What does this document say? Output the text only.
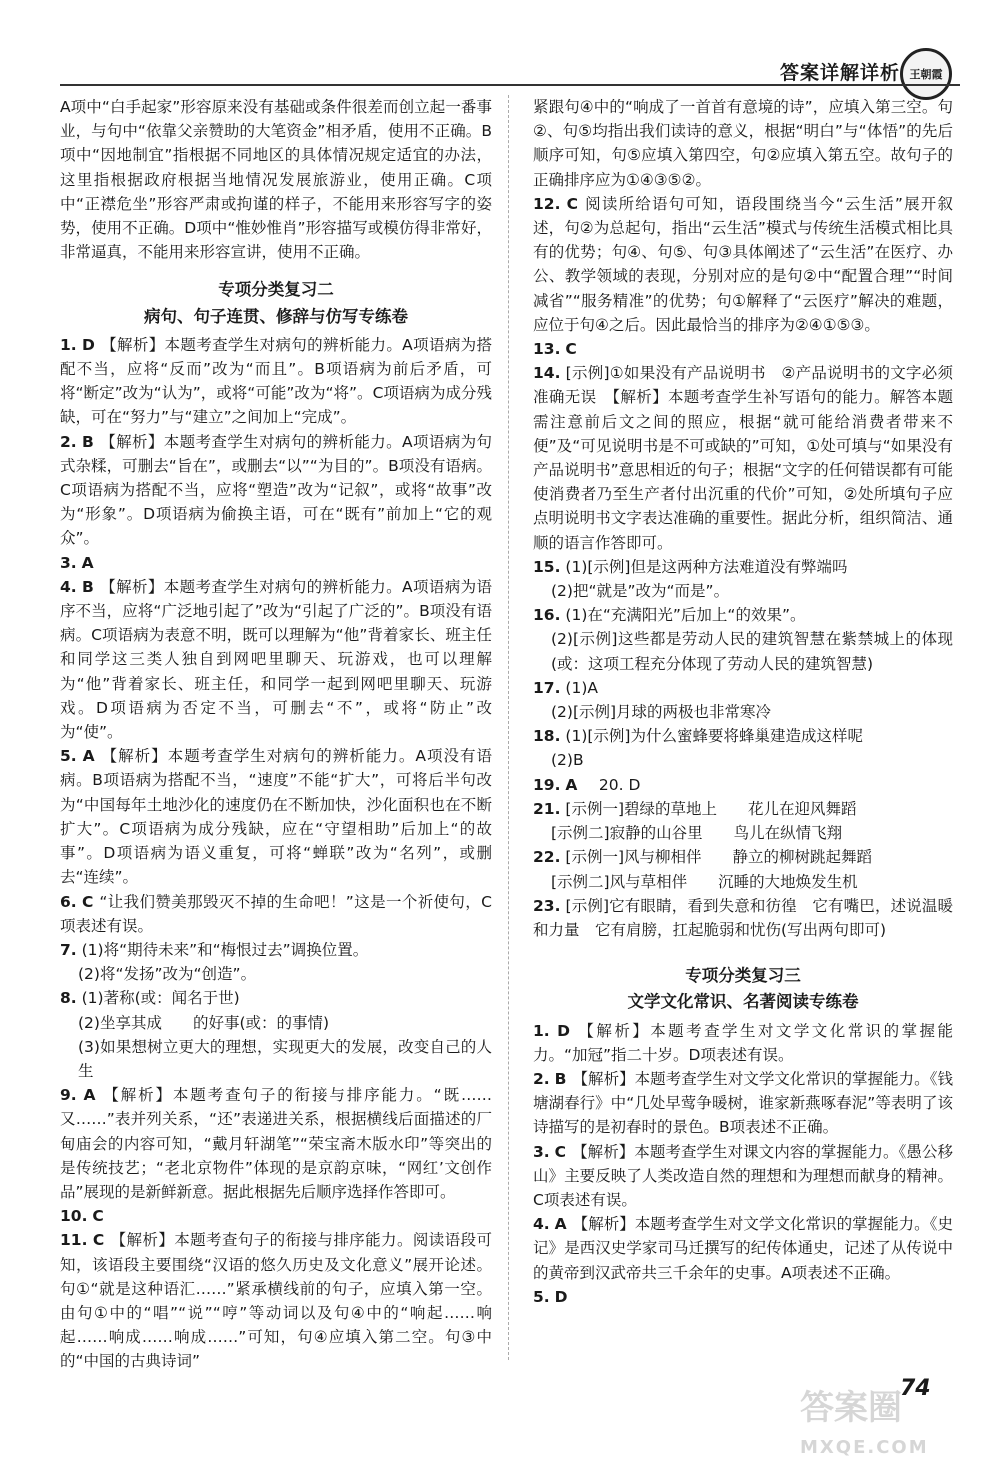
答案详解详析 王朝霞

A项中“白手起家”形容原来没有基础或条件很差而创立起一番事业，与句中“依靠父亲赞助的大笔资金”相矛盾，使用不正确。B项中“因地制宜”指根据不同地区的具体情况规定适宜的办法，这里指根据政府根据当地情况发展旅游业，使用正确。C项中“正襟危坐”形容严肃或拘谨的样子，不能用来形容写字的姿势，使用不正确。D项中“惟妙惟肖”形容描写或模仿得非常好，非常逼真，不能用来形容宣讲，使用不正确。

专项分类复习二
病句、句子连贯、修辞与仿写专练卷

1. D 【解析】本题考查学生对病句的辨析能力。A项语病为搭配不当，应将“反而”改为“而且”。B项语病为前后矛盾，可将“断定”改为“认为”，或将“可能”改为“将”。C项语病为成分残缺，可在“努力”与“建立”之间加上“完成”。

2. B 【解析】本题考查学生对病句的辨析能力。A项语病为句式杂糅，可删去“旨在”，或删去“以”“为目的”。B项没有语病。C项语病为搭配不当，应将“塑造”改为“记叙”，或将“故事”改为“形象”。D项语病为偷换主语，可在“既有”前加上“它的观众”。

3. A

4. B 【解析】本题考查学生对病句的辨析能力。A项语病为语序不当，应将“广泛地引起了”改为“引起了广泛的”。B项没有语病。C项语病为表意不明，既可以理解为“他”背着家长、班主任和同学这三类人独自到网吧里聊天、玩游戏，也可以理解为“他”背着家长、班主任，和同学一起到网吧里聊天、玩游戏。D项语病为否定不当，可删去“不”，或将“防止”改为“使”。

5. A 【解析】本题考查学生对病句的辨析能力。A项没有语病。B项语病为搭配不当，“速度”不能“扩大”，可将后半句改为“中国每年土地沙化的速度仍在不断加快，沙化面积也在不断扩大”。C项语病为成分残缺，应在“守望相助”后加上“的故事”。D项语病为语义重复，可将“蝉联”改为“名列”，或删去“连续”。

6. C “让我们赞美那毁灭不掉的生命吧！”这是一个祈使句，C项表述有误。

7. (1)将“期待未来”和“梅恨过去”调换位置。

(2)将“发扬”改为“创造”。

8. (1)著称(或：闻名于世)

(2)坐享其成　　的好事(或：的事情)

(3)如果想树立更大的理想，实现更大的发展，改变自己的人生

9. A 【解析】本题考查句子的衔接与排序能力。“既……又……”表并列关系，“还”表递进关系，根据横线后面描述的厂甸庙会的内容可知，“戴月轩湖笔”“荣宝斋木版水印”等突出的是传统技艺；“老北京物件”体现的是京韵京味，“网红’文创作品”展现的是新鲜新意。据此根据先后顺序选择作答即可。

10. C

11. C 【解析】本题考查句子的衔接与排序能力。阅读语段可知，该语段主要围绕“汉语的悠久历史及文化意义”展开论述。句①“就是这种语汇……”紧承横线前的句子，应填入第一空。由句①中的“唱”“说”“哼”等动词以及句④中的“响起……响起……响成……响成……”可知，句④应填入第二空。句③中的“中国的古典诗词”

紧跟句④中的“响成了一首首有意境的诗”，应填入第三空。句②、句⑤均指出我们读诗的意义，根据“明白”与“体悟”的先后顺序可知，句⑤应填入第四空，句②应填入第五空。故句子的正确排序应为①④③⑤②。

12. C 阅读所给语句可知，语段围绕当今“云生活”展开叙述，句②为总起句，指出“云生活”模式与传统生活模式相比具有的优势；句④、句⑤、句③具体阐述了“云生活”在医疗、办公、教学领域的表现，分别对应的是句②中“配置合理”“时间减省”“服务精准”的优势；句①解释了“云医疗”解决的难题，应位于句④之后。因此最恰当的排序为②④①⑤③。

13. C

14. [示例]①如果没有产品说明书　②产品说明书的文字必须准确无误　【解析】本题考查学生补写语句的能力。解答本题需注意前后文之间的照应，根据“就可能给消费者带来不便”及“可见说明书是不可或缺的”可知，①处可填与“如果没有产品说明书”意思相近的句子；根据“文字的任何错误都有可能使消费者乃至生产者付出沉重的代价”可知，②处所填句子应点明说明书文字表达准确的重要性。据此分析，组织简洁、通顺的语言作答即可。

15. (1)[示例]但是这两种方法难道没有弊端吗

(2)把“就是”改为“而是”。

16. (1)在“充满阳光”后加上“的效果”。

(2)[示例]这些都是劳动人民的建筑智慧在紫禁城上的体现(或：这项工程充分体现了劳动人民的建筑智慧)

17. (1)A

(2)[示例]月球的两极也非常寒冷

18. (1)[示例]为什么蜜蜂要将蜂巢建造成这样呢

(2)B

19. A　20. D

21. [示例一]碧绿的草地上　　花儿在迎风舞蹈

[示例二]寂静的山谷里　　鸟儿在纵情飞翔

22. [示例一]风与柳相伴　　静立的柳树跳起舞蹈

[示例二]风与草相伴　　沉睡的大地焕发生机

23. [示例]它有眼睛，看到失意和彷徨　它有嘴巴，述说温暖和力量　它有肩膀，扛起脆弱和忧伤(写出两句即可)

专项分类复习三
文学文化常识、名著阅读专练卷

1. D 【解析】本题考查学生对文学文化常识的掌握能力。“加冠”指二十岁。D项表述有误。

2. B 【解析】本题考查学生对文学文化常识的掌握能力。《钱塘湖春行》中“几处早莺争暖树，谁家新燕啄春泥”等表明了该诗描写的是初春时的景色。B项表述不正确。

3. C 【解析】本题考查学生对课文内容的掌握能力。《愚公移山》主要反映了人类改造自然的理想和为理想而献身的精神。C项表述有误。

4. A 【解析】本题考查学生对文学文化常识的掌握能力。《史记》是西汉史学家司马迁撰写的纪传体通史，记述了从传说中的黄帝到汉武帝共三千余年的史事。A项表述不正确。

5. D

74
答案圈
MXQE.COM
